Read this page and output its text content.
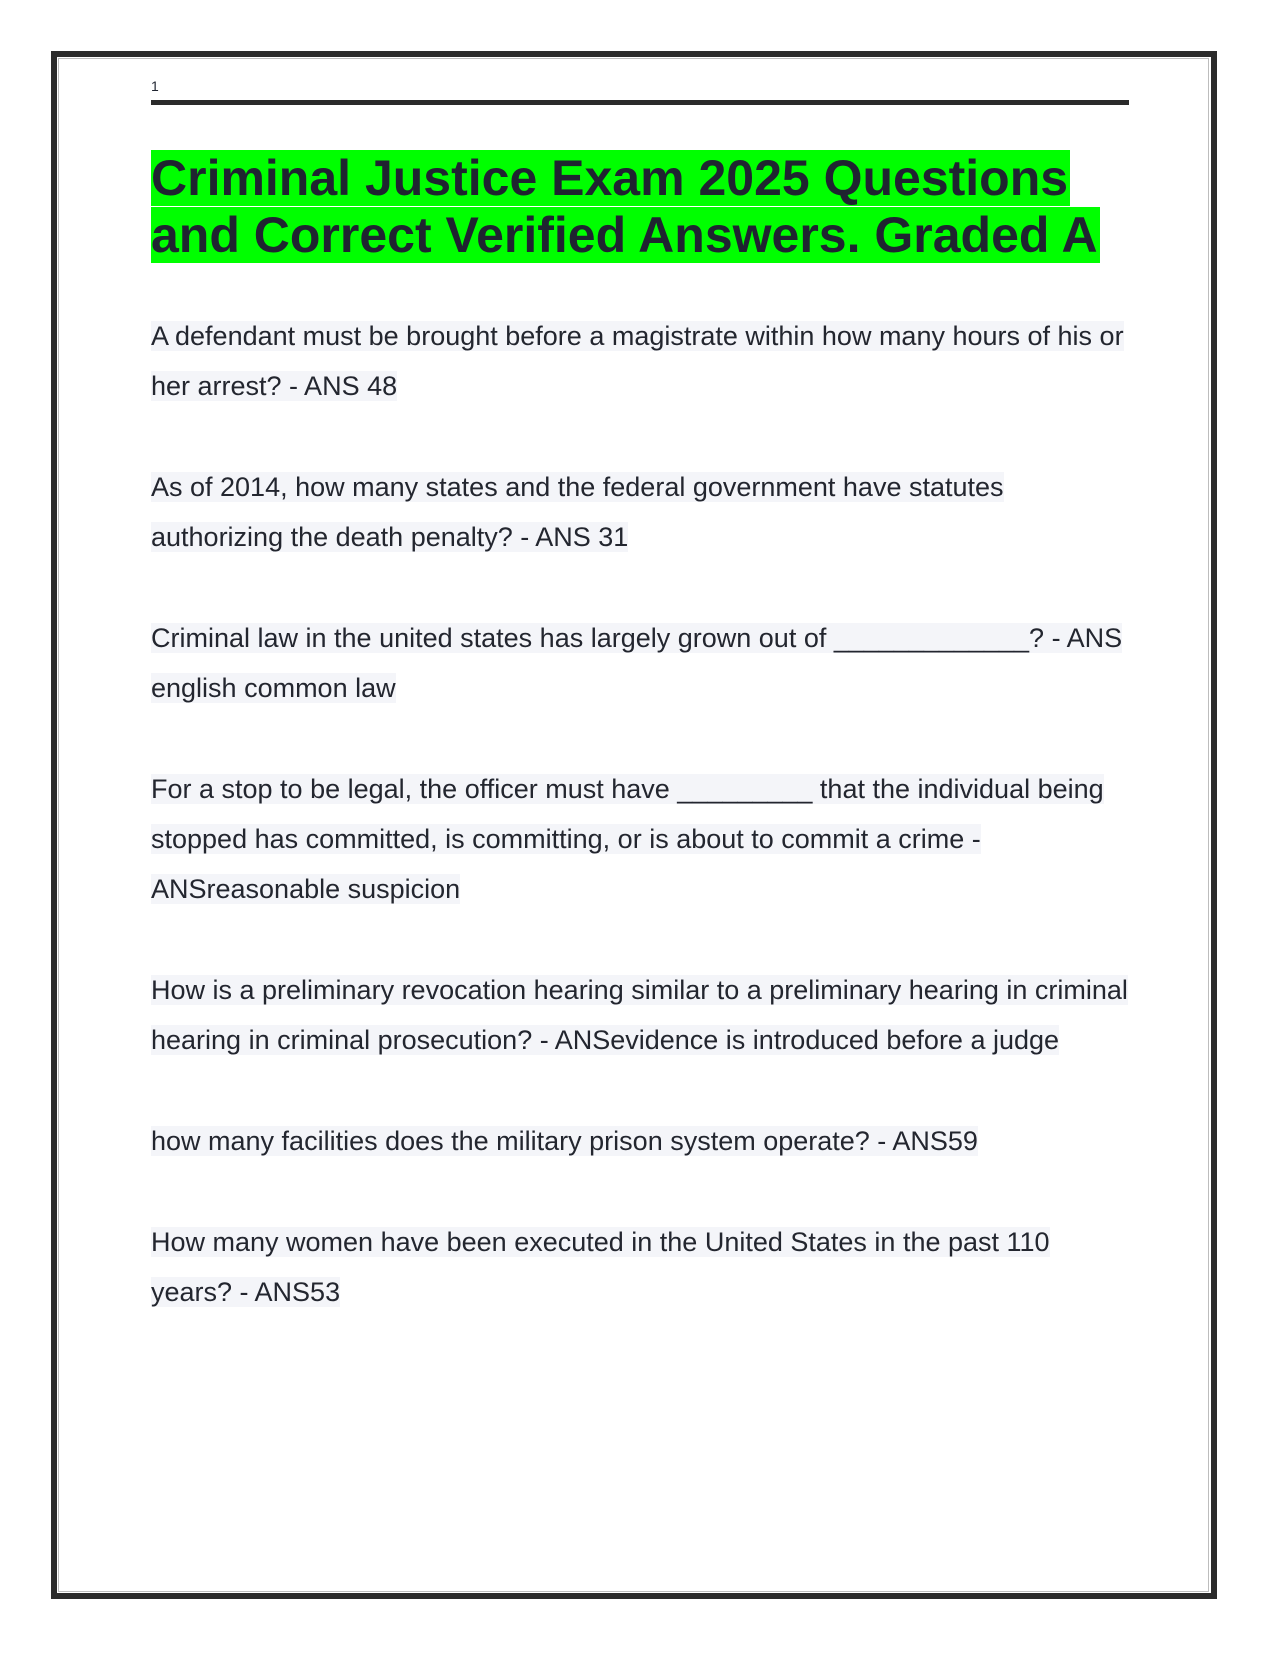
1
Criminal Justice Exam 2025 Questions and Correct Verified Answers. Graded A

A defendant must be brought before a magistrate within how many hours of his or her arrest? - ANS 48

As of 2014, how many states and the federal government have statutes authorizing the death penalty? - ANS 31

Criminal law in the united states has largely grown out of _____________? - ANS english common law

For a stop to be legal, the officer must have _________ that the individual being stopped has committed, is committing, or is about to commit a crime - ANSreasonable suspicion

How is a preliminary revocation hearing similar to a preliminary hearing in criminal hearing in criminal prosecution? - ANSevidence is introduced before a judge

how many facilities does the military prison system operate? - ANS59

How many women have been executed in the United States in the past 110 years? - ANS53
